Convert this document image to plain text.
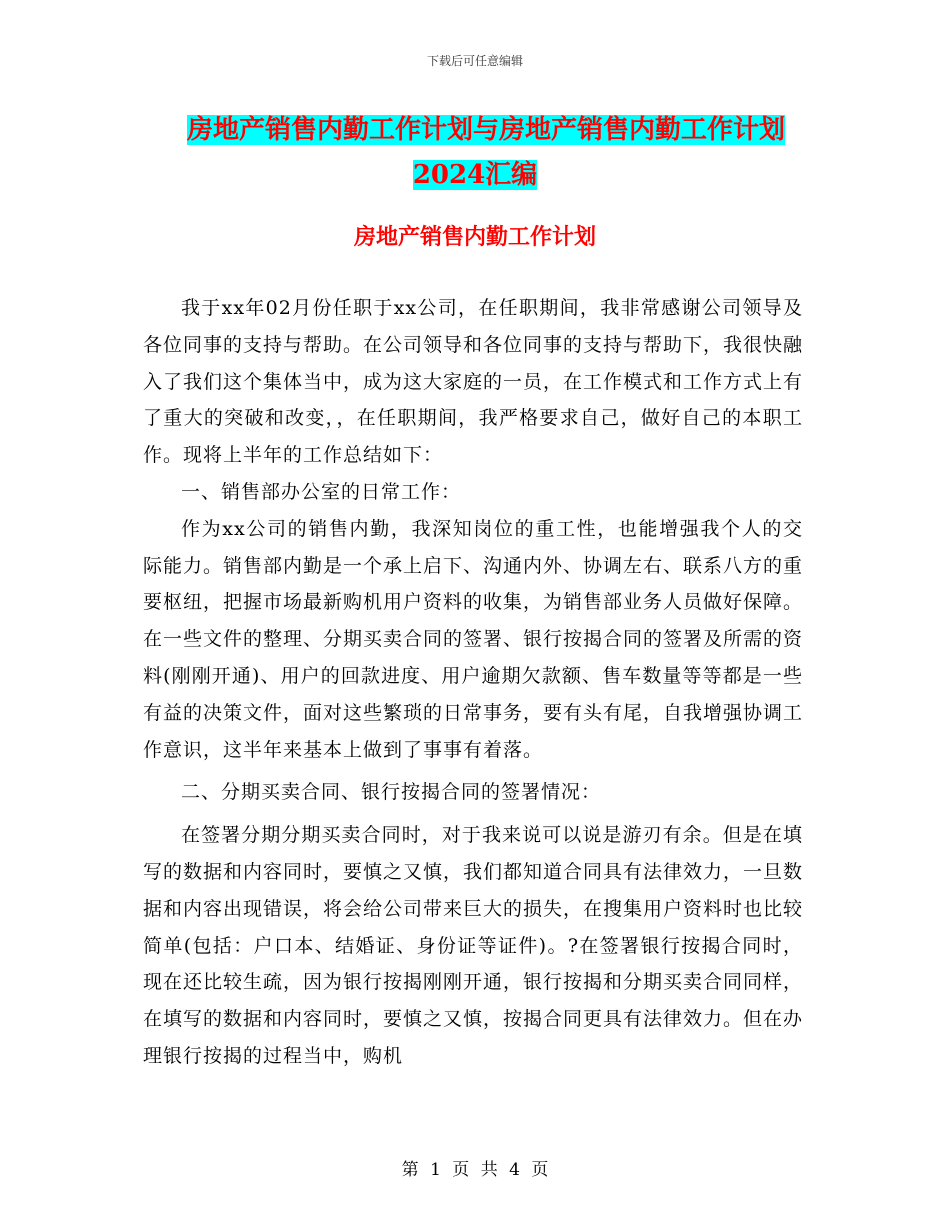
下载后可任意编辑
房地产销售内勤工作计划与房地产销售内勤工作计划
2024汇编
房地产销售内勤工作计划

我于xx年02月份任职于xx公司，在任职期间，我非常感谢公司领导及各位同事的支持与帮助。在公司领导和各位同事的支持与帮助下，我很快融入了我们这个集体当中，成为这大家庭的一员，在工作模式和工作方式上有了重大的突破和改变，，在任职期间，我严格要求自己，做好自己的本职工作。现将上半年的工作总结如下：

一、销售部办公室的日常工作：

作为xx公司的销售内勤，我深知岗位的重工性，也能增强我个人的交际能力。销售部内勤是一个承上启下、沟通内外、协调左右、联系八方的重要枢纽，把握市场最新购机用户资料的收集，为销售部业务人员做好保障。在一些文件的整理、分期买卖合同的签署、银行按揭合同的签署及所需的资料(刚刚开通)、用户的回款进度、用户逾期欠款额、售车数量等等都是一些有益的决策文件，面对这些繁琐的日常事务，要有头有尾，自我增强协调工作意识，这半年来基本上做到了事事有着落。

二、分期买卖合同、银行按揭合同的签署情况：

在签署分期分期买卖合同时，对于我来说可以说是游刃有余。但是在填写的数据和内容同时，要慎之又慎，我们都知道合同具有法律效力，一旦数据和内容出现错误，将会给公司带来巨大的损失，在搜集用户资料时也比较简单(包括：户口本、结婚证、身份证等证件)。?在签署银行按揭合同时，现在还比较生疏，因为银行按揭刚刚开通，银行按揭和分期买卖合同同样，在填写的数据和内容同时，要慎之又慎，按揭合同更具有法律效力。但在办理银行按揭的过程当中，购机

第 1 页 共 4 页
